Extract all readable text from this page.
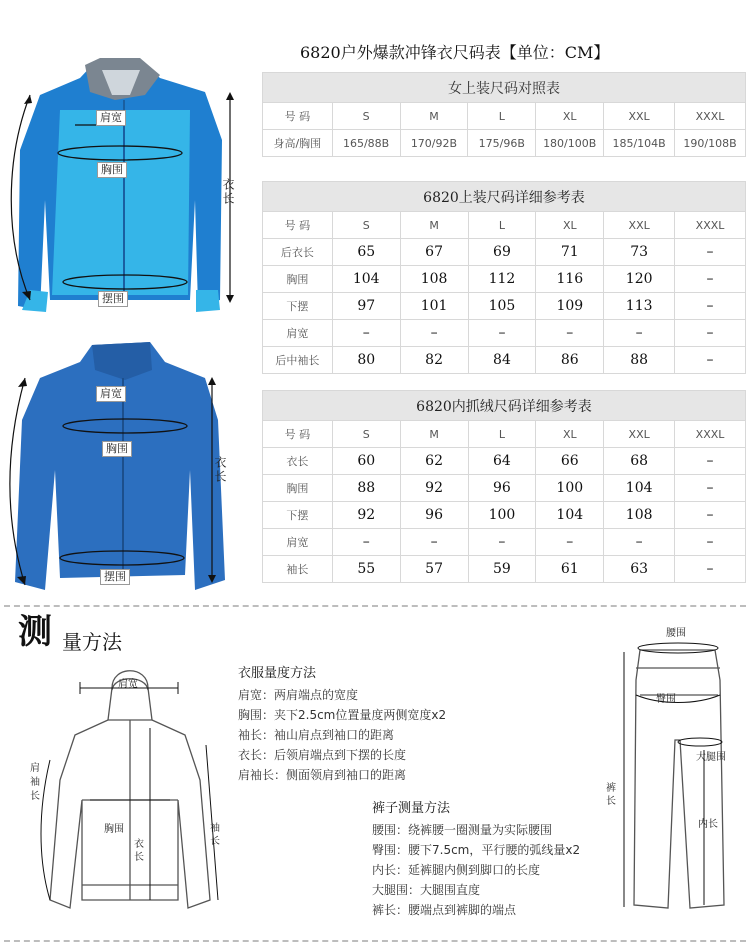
肩宽
胸围
摆围
衣长
肩宽
胸围
摆围
衣长
6820户外爆款冲锋衣尺码表【单位：CM】
女上装尺码对照表						
号 码	S	M	L	XL	XXL	XXXL
身高/胸围	165/88B	170/92B	175/96B	180/100B	185/104B	190/108B
6820上装尺码详细参考表						
号 码	S	M	L	XL	XXL	XXXL
后衣长	65	67	69	71	73	–
胸围	104	108	112	116	120	–
下摆	97	101	105	109	113	–
肩宽	–	–	–	–	–	–
后中袖长	80	82	84	86	88	–
6820内抓绒尺码详细参考表						
号 码	S	M	L	XL	XXL	XXXL
衣长	60	62	64	66	68	–
胸围	88	92	96	100	104	–
下摆	92	96	100	104	108	–
肩宽	–	–	–	–	–	–
袖长	55	57	59	61	63	–
测 量方法
肩宽
肩袖长
胸围
衣长
袖长
衣服量度方法
肩宽：两肩端点的宽度
胸围：夹下2.5cm位置量度两侧宽度x2
袖长：袖山肩点到袖口的距离
衣长：后领肩端点到下摆的长度
肩袖长：侧面领肩到袖口的距离
裤子测量方法
腰围：绕裤腰一圈测量为实际腰围
臀围：腰下7.5cm，平行腰的弧线量x2
内长：延裤腿内侧到脚口的长度
大腿围：大腿围直度
裤长：腰端点到裤脚的端点
腰围
臀围
大腿围
裤长
内长
